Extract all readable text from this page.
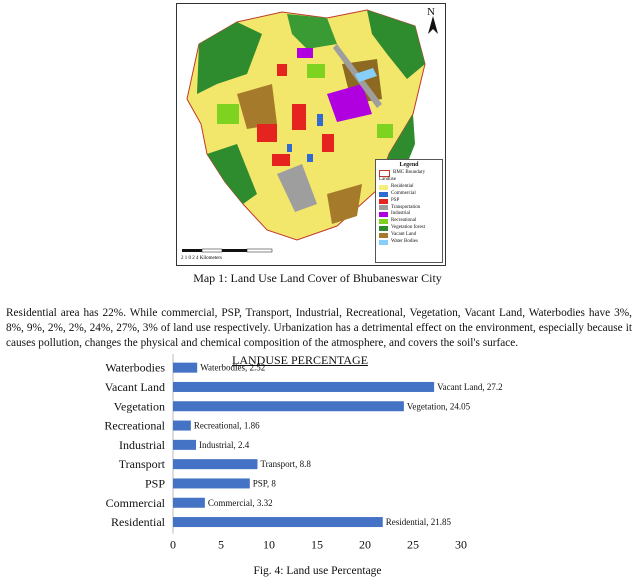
N
2 1 0 2 4 Kilometers
Legend
BMC Boundary
Landuse
Residential
Commercial
PSP
Transportation
Industrial
Recreational
Vegetation forest
Vacant Land
Water Bodies
Map 1: Land Use Land Cover of Bhubaneswar City
Residential area has 22%. While commercial, PSP, Transport, Industrial, Recreational, Vegetation, Vacant Land, Waterbodies have 3%, 8%, 9%, 2%, 2%, 24%, 27%, 3% of land use respectively. Urbanization has a detrimental effect on the environment, especially because it causes pollution, changes the physical and chemical composition of the atmosphere, and covers the soil's surface.
LANDUSE PERCENTAGE
Residential	Residential, 21.85
Commercial	Commercial, 3.32
PSP	PSP, 8
Transport	Transport, 8.8
Industrial	Industrial, 2.4
Recreational	Recreational, 1.86
Vegetation	Vegetation, 24.05
Vacant Land	Vacant Land, 27.2
Waterbodies	Waterbodies, 2.52
0	5	10	15	20	25	30
Fig. 4: Land use Percentage
